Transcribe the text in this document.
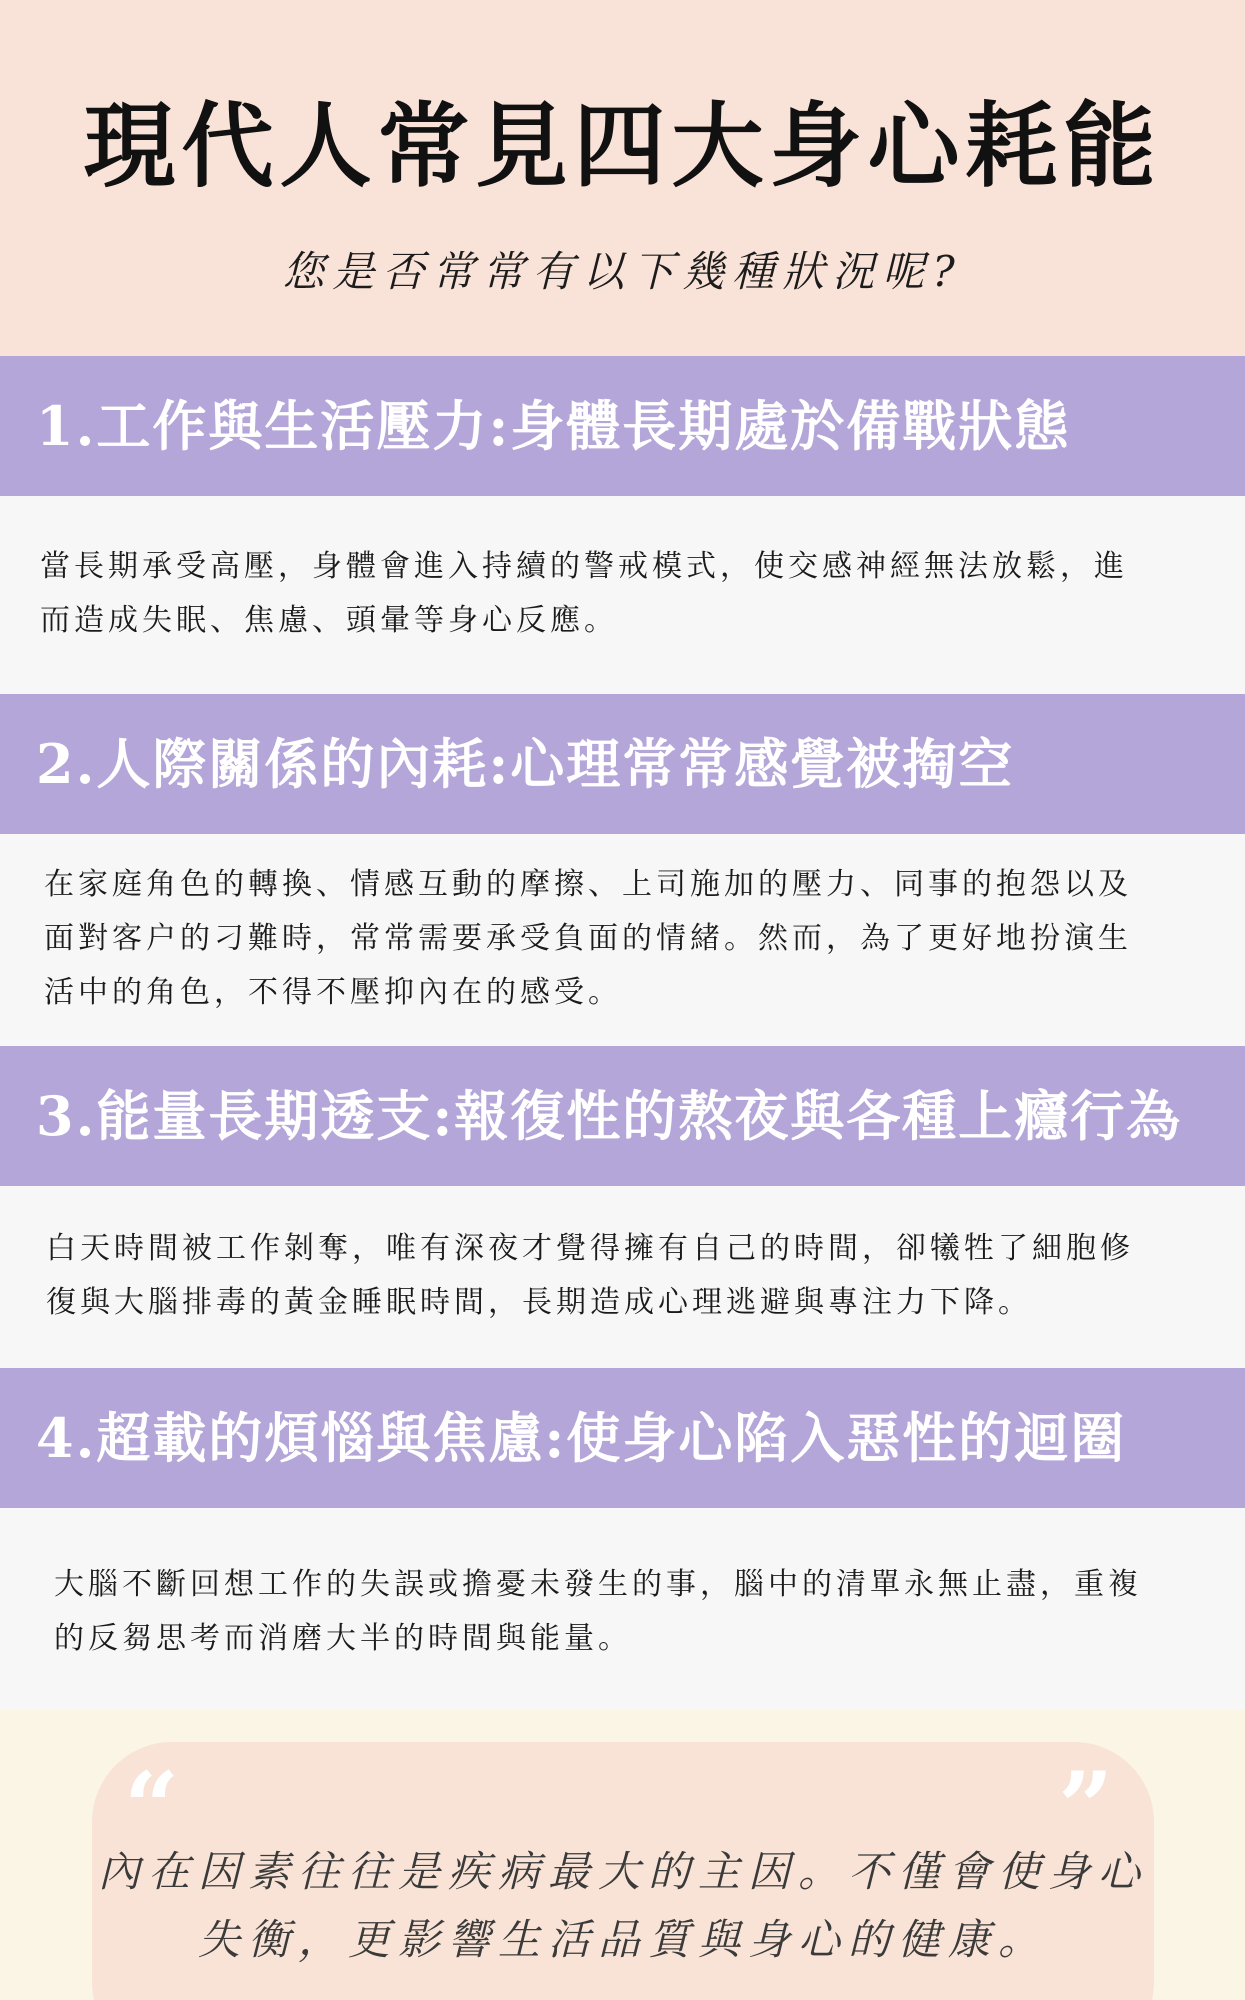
現代人常見四大身心耗能
您是否常常有以下幾種狀況呢?
1.工作與生活壓力:身體長期處於備戰狀態

當長期承受高壓，身體會進入持續的警戒模式，使交感神經無法放鬆，進
而造成失眠、焦慮、頭暈等身心反應。

2.人際關係的內耗:心理常常感覺被掏空

在家庭角色的轉換、情感互動的摩擦、上司施加的壓力、同事的抱怨以及
面對客户的刁難時，常常需要承受負面的情緒。然而，為了更好地扮演生
活中的角色，不得不壓抑內在的感受。

3.能量長期透支:報復性的熬夜與各種上癮行為

白天時間被工作剝奪，唯有深夜才覺得擁有自己的時間，卻犧牲了細胞修
復與大腦排毒的黃金睡眠時間，長期造成心理逃避與專注力下降。

4.超載的煩惱與焦慮:使身心陷入惡性的迴圈

大腦不斷回想工作的失誤或擔憂未發生的事，腦中的清單永無止盡，重複
的反芻思考而消磨大半的時間與能量。

“	”
內在因素往往是疾病最大的主因。不僅會使身心
失衡，更影響生活品質與身心的健康。
